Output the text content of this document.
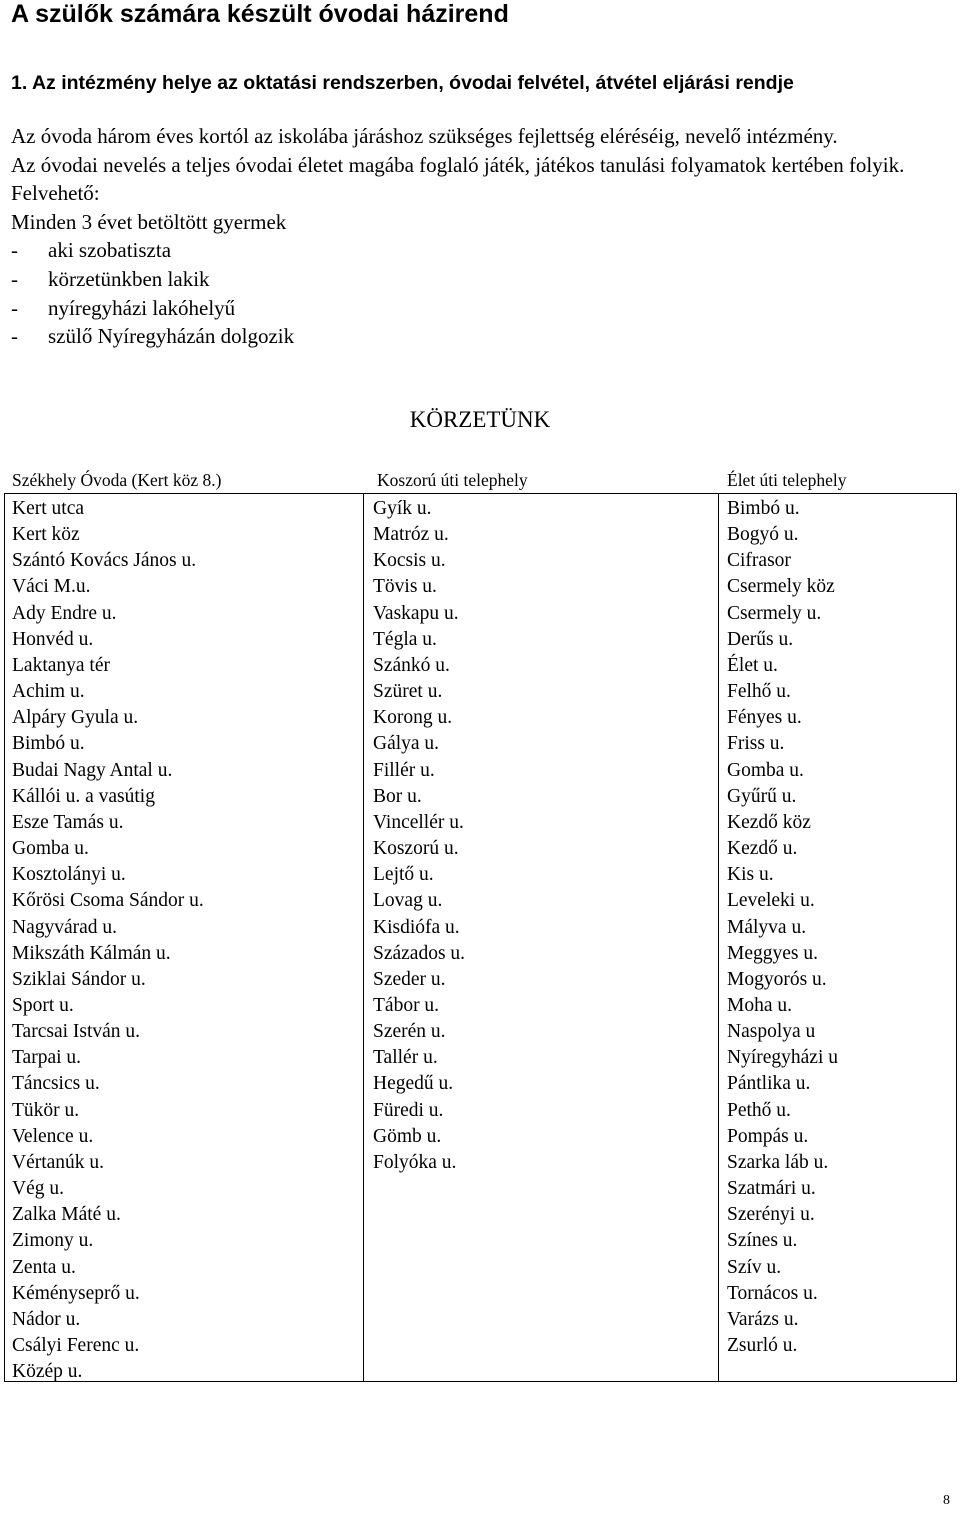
A szülők számára készült óvodai házirend
1. Az intézmény helye az oktatási rendszerben, óvodai felvétel, átvétel eljárási rendje

Az óvoda három éves kortól az iskolába járáshoz szükséges fejlettség eléréséig, nevelő intézmény.

Az óvodai nevelés a teljes óvodai életet magába foglaló játék, játékos tanulási folyamatok kertében folyik.

Felvehető:

Minden 3 évet betöltött gyermek

- aki szobatiszta
- körzetünkben lakik
- nyíregyházi lakóhelyű
- szülő Nyíregyházán dolgozik
KÖRZETÜNK
Székhely Óvoda (Kert köz 8.)	Koszorú úti telephely	Élet úti telephely
Kert utca
Kert köz
Szántó Kovács János u.
Váci M.u.
Ady Endre u.
Honvéd u.
Laktanya tér
Achim u.
Alpáry Gyula u.
Bimbó u.
Budai Nagy Antal u.
Kállói u. a vasútig
Esze Tamás u.
Gomba u.
Kosztolányi u.
Kőrösi Csoma Sándor u.
Nagyvárad u.
Mikszáth Kálmán u.
Sziklai Sándor u.
Sport u.
Tarcsai István u.
Tarpai u.
Táncsics u.
Tükör u.
Velence u.
Vértanúk u.
Vég u.
Zalka Máté u.
Zimony u.
Zenta u.
Kéményseprő u.
Nádor u.
Csályi Ferenc u.
Közép u.
Gyík u.
Matróz u.
Kocsis u.
Tövis u.
Vaskapu u.
Tégla u.
Szánkó u.
Szüret u.
Korong u.
Gálya u.
Fillér u.
Bor u.
Vincellér u.
Koszorú u.
Lejtő u.
Lovag u.
Kisdiófa u.
Százados u.
Szeder u.
Tábor u.
Szerén u.
Tallér u.
Hegedű u.
Füredi u.
Gömb u.
Folyóka u.
Bimbó u.
Bogyó u.
Cifrasor
Csermely köz
Csermely u.
Derűs u.
Élet u.
Felhő u.
Fényes u.
Friss u.
Gomba u.
Gyűrű u.
Kezdő köz
Kezdő u.
Kis u.
Leveleki u.
Mályva u.
Meggyes u.
Mogyorós u.
Moha u.
Naspolya u
Nyíregyházi u
Pántlika u.
Pethő u.
Pompás u.
Szarka láb u.
Szatmári u.
Szerényi u.
Színes u.
Szív u.
Tornácos u.
Varázs u.
Zsurló u.
8
